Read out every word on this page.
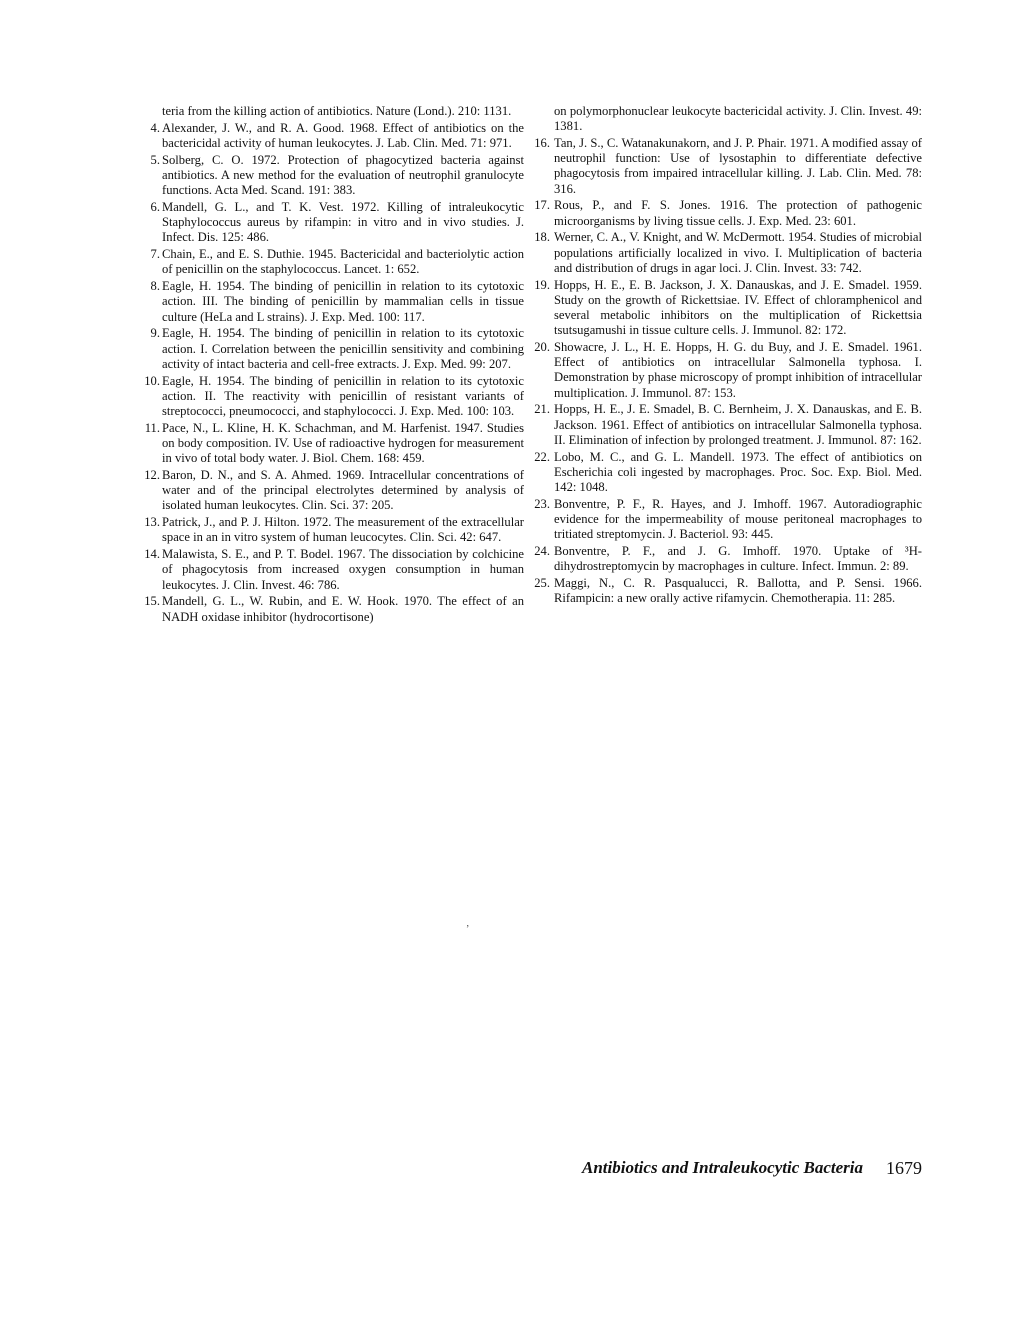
teria from the killing action of antibiotics. Nature (Lond.). 210: 1131.
4. Alexander, J. W., and R. A. Good. 1968. Effect of antibiotics on the bactericidal activity of human leukocytes. J. Lab. Clin. Med. 71: 971.
5. Solberg, C. O. 1972. Protection of phagocytized bacteria against antibiotics. A new method for the evaluation of neutrophil granulocyte functions. Acta Med. Scand. 191: 383.
6. Mandell, G. L., and T. K. Vest. 1972. Killing of intraleukocytic Staphylococcus aureus by rifampin: in vitro and in vivo studies. J. Infect. Dis. 125: 486.
7. Chain, E., and E. S. Duthie. 1945. Bactericidal and bacteriolytic action of penicillin on the staphylococcus. Lancet. 1: 652.
8. Eagle, H. 1954. The binding of penicillin in relation to its cytotoxic action. III. The binding of penicillin by mammalian cells in tissue culture (HeLa and L strains). J. Exp. Med. 100: 117.
9. Eagle, H. 1954. The binding of penicillin in relation to its cytotoxic action. I. Correlation between the penicillin sensitivity and combining activity of intact bacteria and cell-free extracts. J. Exp. Med. 99: 207.
10. Eagle, H. 1954. The binding of penicillin in relation to its cytotoxic action. II. The reactivity with penicillin of resistant variants of streptococci, pneumococci, and staphylococci. J. Exp. Med. 100: 103.
11. Pace, N., L. Kline, H. K. Schachman, and M. Harfenist. 1947. Studies on body composition. IV. Use of radioactive hydrogen for measurement in vivo of total body water. J. Biol. Chem. 168: 459.
12. Baron, D. N., and S. A. Ahmed. 1969. Intracellular concentrations of water and of the principal electrolytes determined by analysis of isolated human leukocytes. Clin. Sci. 37: 205.
13. Patrick, J., and P. J. Hilton. 1972. The measurement of the extracellular space in an in vitro system of human leucocytes. Clin. Sci. 42: 647.
14. Malawista, S. E., and P. T. Bodel. 1967. The dissociation by colchicine of phagocytosis from increased oxygen consumption in human leukocytes. J. Clin. Invest. 46: 786.
15. Mandell, G. L., W. Rubin, and E. W. Hook. 1970. The effect of an NADH oxidase inhibitor (hydrocortisone)
on polymorphonuclear leukocyte bactericidal activity. J. Clin. Invest. 49: 1381.
16. Tan, J. S., C. Watanakunakorn, and J. P. Phair. 1971. A modified assay of neutrophil function: Use of lysostaphin to differentiate defective phagocytosis from impaired intracellular killing. J. Lab. Clin. Med. 78: 316.
17. Rous, P., and F. S. Jones. 1916. The protection of pathogenic microorganisms by living tissue cells. J. Exp. Med. 23: 601.
18. Werner, C. A., V. Knight, and W. McDermott. 1954. Studies of microbial populations artificially localized in vivo. I. Multiplication of bacteria and distribution of drugs in agar loci. J. Clin. Invest. 33: 742.
19. Hopps, H. E., E. B. Jackson, J. X. Danauskas, and J. E. Smadel. 1959. Study on the growth of Rickettsiae. IV. Effect of chloramphenicol and several metabolic inhibitors on the multiplication of Rickettsia tsutsugamushi in tissue culture cells. J. Immunol. 82: 172.
20. Showacre, J. L., H. E. Hopps, H. G. du Buy, and J. E. Smadel. 1961. Effect of antibiotics on intracellular Salmonella typhosa. I. Demonstration by phase microscopy of prompt inhibition of intracellular multiplication. J. Immunol. 87: 153.
21. Hopps, H. E., J. E. Smadel, B. C. Bernheim, J. X. Danauskas, and E. B. Jackson. 1961. Effect of antibiotics on intracellular Salmonella typhosa. II. Elimination of infection by prolonged treatment. J. Immunol. 87: 162.
22. Lobo, M. C., and G. L. Mandell. 1973. The effect of antibiotics on Escherichia coli ingested by macrophages. Proc. Soc. Exp. Biol. Med. 142: 1048.
23. Bonventre, P. F., R. Hayes, and J. Imhoff. 1967. Autoradiographic evidence for the impermeability of mouse peritoneal macrophages to tritiated streptomycin. J. Bacteriol. 93: 445.
24. Bonventre, P. F., and J. G. Imhoff. 1970. Uptake of ³H-dihydrostreptomycin by macrophages in culture. Infect. Immun. 2: 89.
25. Maggi, N., C. R. Pasqualucci, R. Ballotta, and P. Sensi. 1966. Rifampicin: a new orally active rifamycin. Chemotherapia. 11: 285.
’
Antibiotics and Intraleukocytic Bacteria 1679
